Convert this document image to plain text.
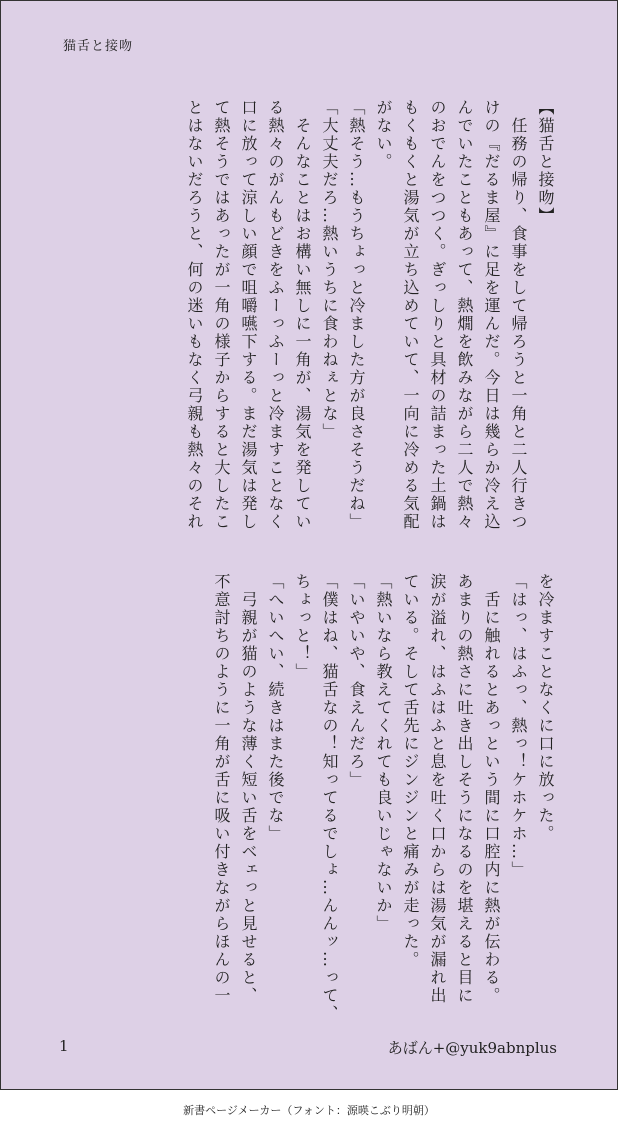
猫舌と接吻
【猫舌と接吻】
　任務の帰り、食事をして帰ろうと一角と二人行きつ
けの『だるま屋』に足を運んだ。今日は幾らか冷え込
んでいたこともあって、熱燗を飲みながら二人で熱々
のおでんをつつく。ぎっしりと具材の詰まった土鍋は
もくもくと湯気が立ち込めていて、一向に冷める気配
がない。
「熱そう…もうちょっと冷ました方が良さそうだね」
「大丈夫だろ…熱いうちに食わねぇとな」
　そんなことはお構い無しに一角が、湯気を発してい
る熱々のがんもどきをふーっふーっと冷ますことなく
口に放って涼しい顔で咀嚼嚥下する。まだ湯気は発し
て熱そうではあったが一角の様子からすると大したこ
とはないだろうと、何の迷いもなく弓親も熱々のそれ
を冷ますことなくに口に放った。
「はっ、はふっ、熱っ！ケホケホ…」
　舌に触れるとあっという間に口腔内に熱が伝わる。
あまりの熱さに吐き出しそうになるのを堪えると目に
涙が溢れ、はふはふと息を吐く口からは湯気が漏れ出
ている。そして舌先にジンジンと痛みが走った。
「熱いなら教えてくれても良いじゃないか」
「いやいや、食えんだろ」
「僕はね、猫舌なの！知ってるでしょ…んんッ…って、
ちょっと！」
「へいへい、続きはまた後でな」
　弓親が猫のような薄く短い舌をベェっと見せると、
不意討ちのように一角が舌に吸い付きながらほんの一
1	あばん+@yuk9abnplus
新書ページメーカー（フォント：源暎こぶり明朝）
